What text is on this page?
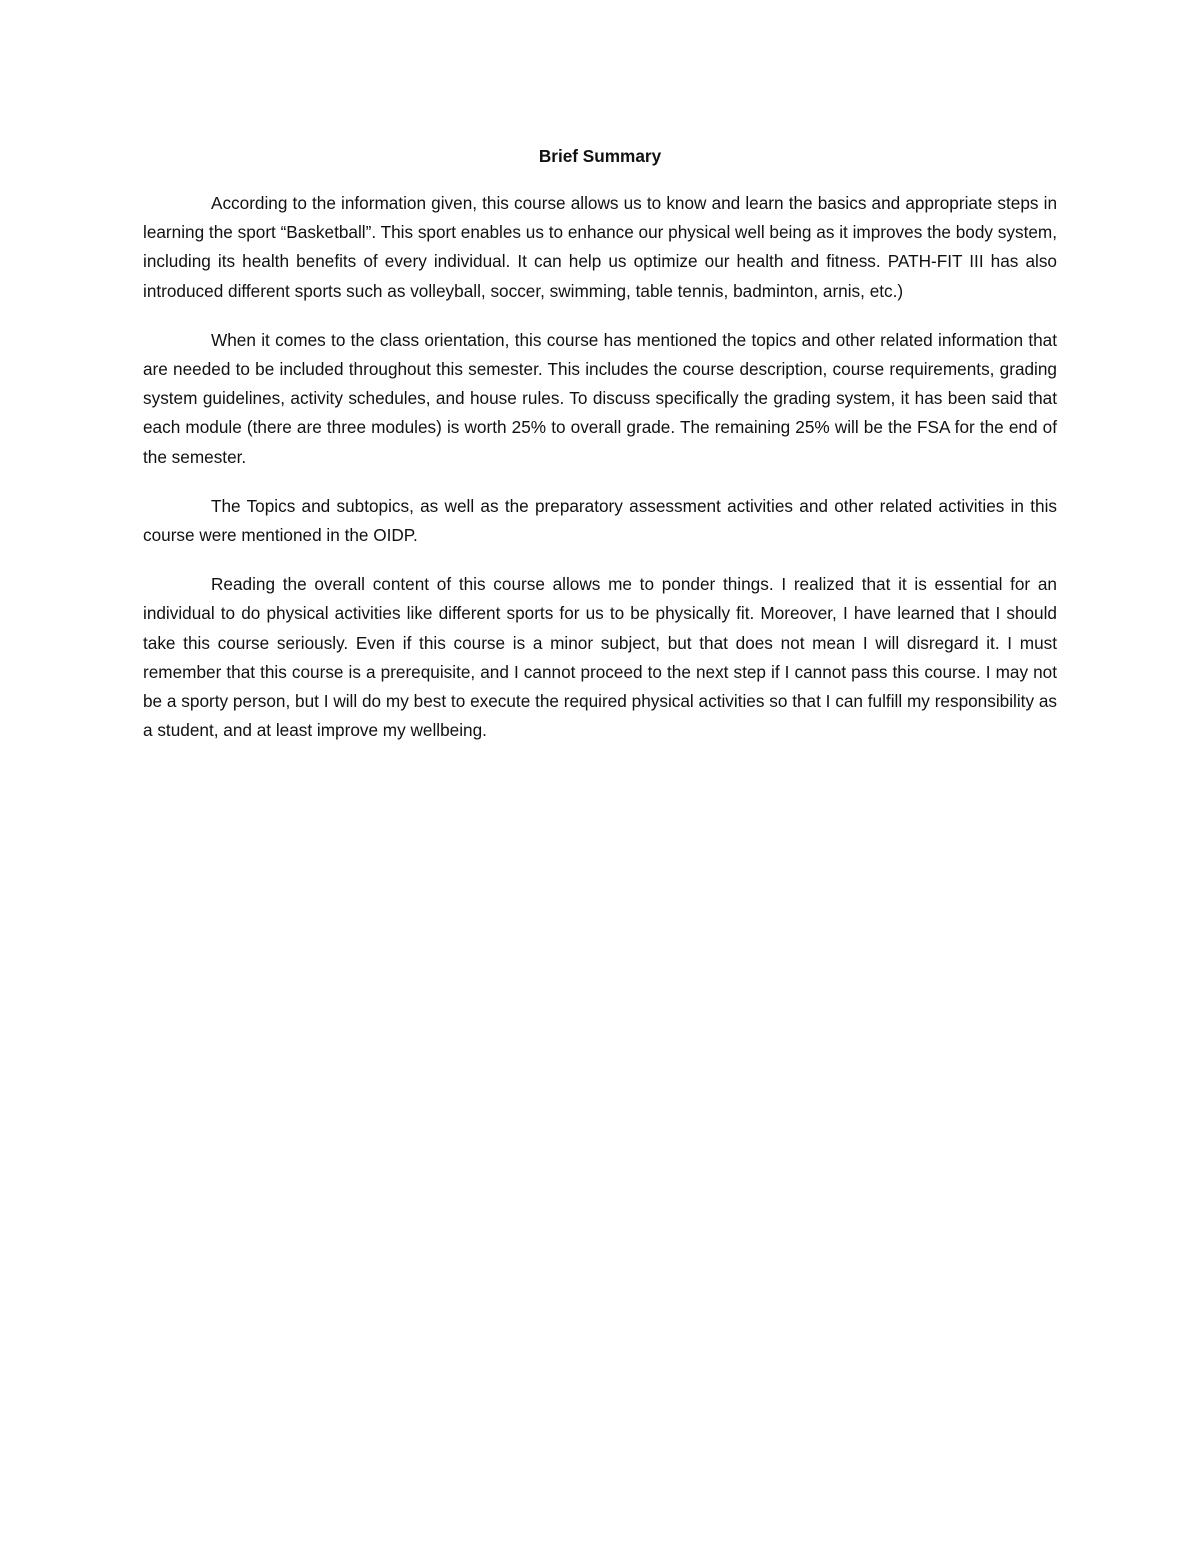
Brief Summary

According to the information given, this course allows us to know and learn the basics and appropriate steps in learning the sport “Basketball”. This sport enables us to enhance our physical well being as it improves the body system, including its health benefits of every individual. It can help us optimize our health and fitness. PATH-FIT III has also introduced different sports such as volleyball, soccer, swimming, table tennis, badminton, arnis, etc.)

When it comes to the class orientation, this course has mentioned the topics and other related information that are needed to be included throughout this semester. This includes the course description, course requirements, grading system guidelines, activity schedules, and house rules. To discuss specifically the grading system, it has been said that each module (there are three modules) is worth 25% to overall grade. The remaining 25% will be the FSA for the end of the semester.

The Topics and subtopics, as well as the preparatory assessment activities and other related activities in this course were mentioned in the OIDP.

Reading the overall content of this course allows me to ponder things. I realized that it is essential for an individual to do physical activities like different sports for us to be physically fit. Moreover, I have learned that I should take this course seriously. Even if this course is a minor subject, but that does not mean I will disregard it. I must remember that this course is a prerequisite, and I cannot proceed to the next step if I cannot pass this course. I may not be a sporty person, but I will do my best to execute the required physical activities so that I can fulfill my responsibility as a student, and at least improve my wellbeing.
